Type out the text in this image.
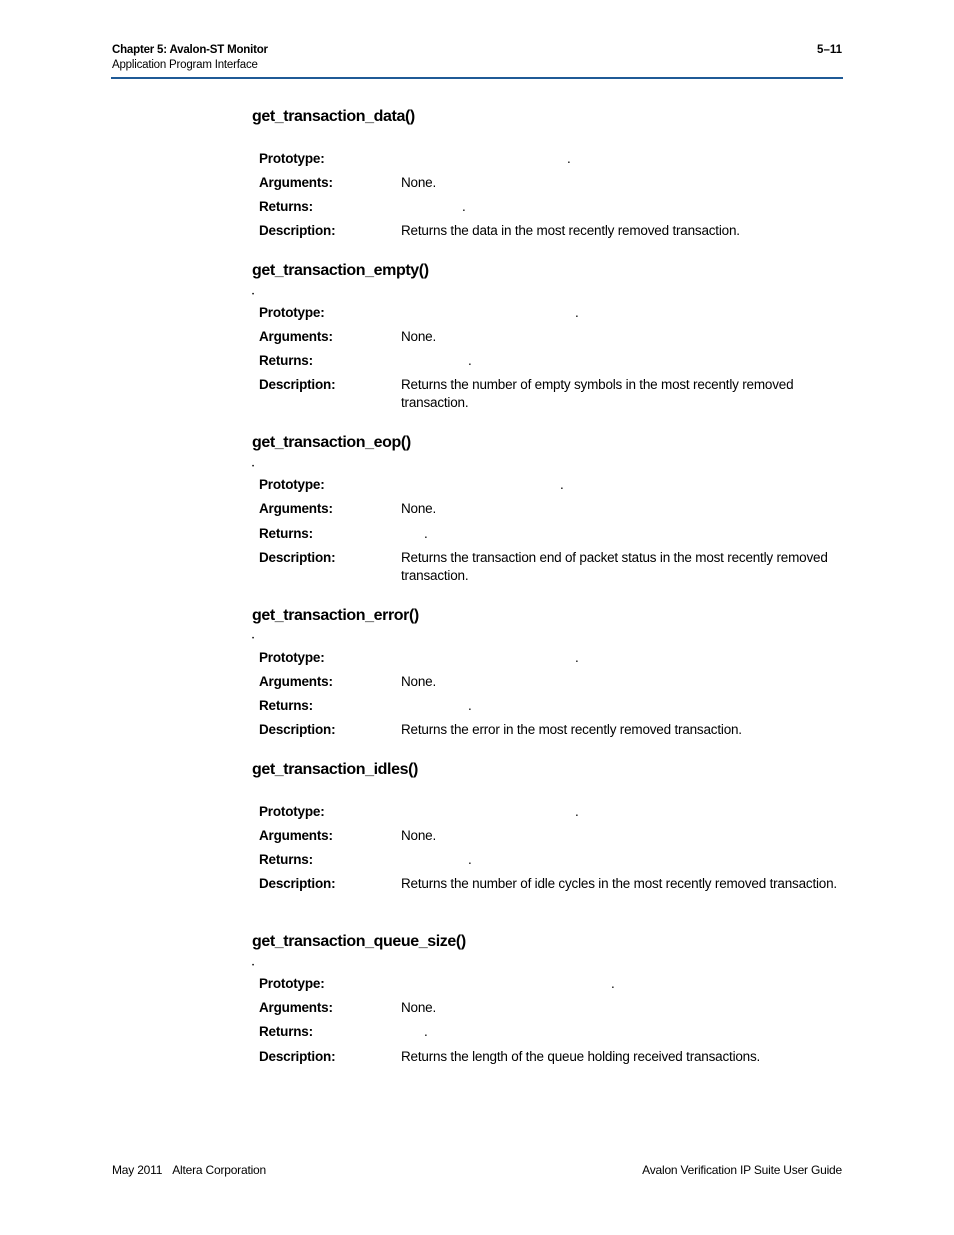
Chapter 5: Avalon-ST Monitor
Application Program Interface
5–11
get_transaction_data()
Prototype:	.
Arguments:	None.
Returns:	.
Description:	Returns the data in the most recently removed transaction.
get_transaction_empty()
•
Prototype:	.
Arguments:	None.
Returns:	.
Description:	Returns the number of empty symbols in the most recently removed transaction.
get_transaction_eop()
•
Prototype:	.
Arguments:	None.
Returns:	.
Description:	Returns the transaction end of packet status in the most recently removed transaction.
get_transaction_error()
•
Prototype:	.
Arguments:	None.
Returns:	.
Description:	Returns the error in the most recently removed transaction.
get_transaction_idles()
Prototype:	.
Arguments:	None.
Returns:	.
Description:	Returns the number of idle cycles in the most recently removed transaction.
get_transaction_queue_size()
•
Prototype:	.
Arguments:	None.
Returns:	.
Description:	Returns the length of the queue holding received transactions.
May 2011 Altera Corporation	Avalon Verification IP Suite User Guide
